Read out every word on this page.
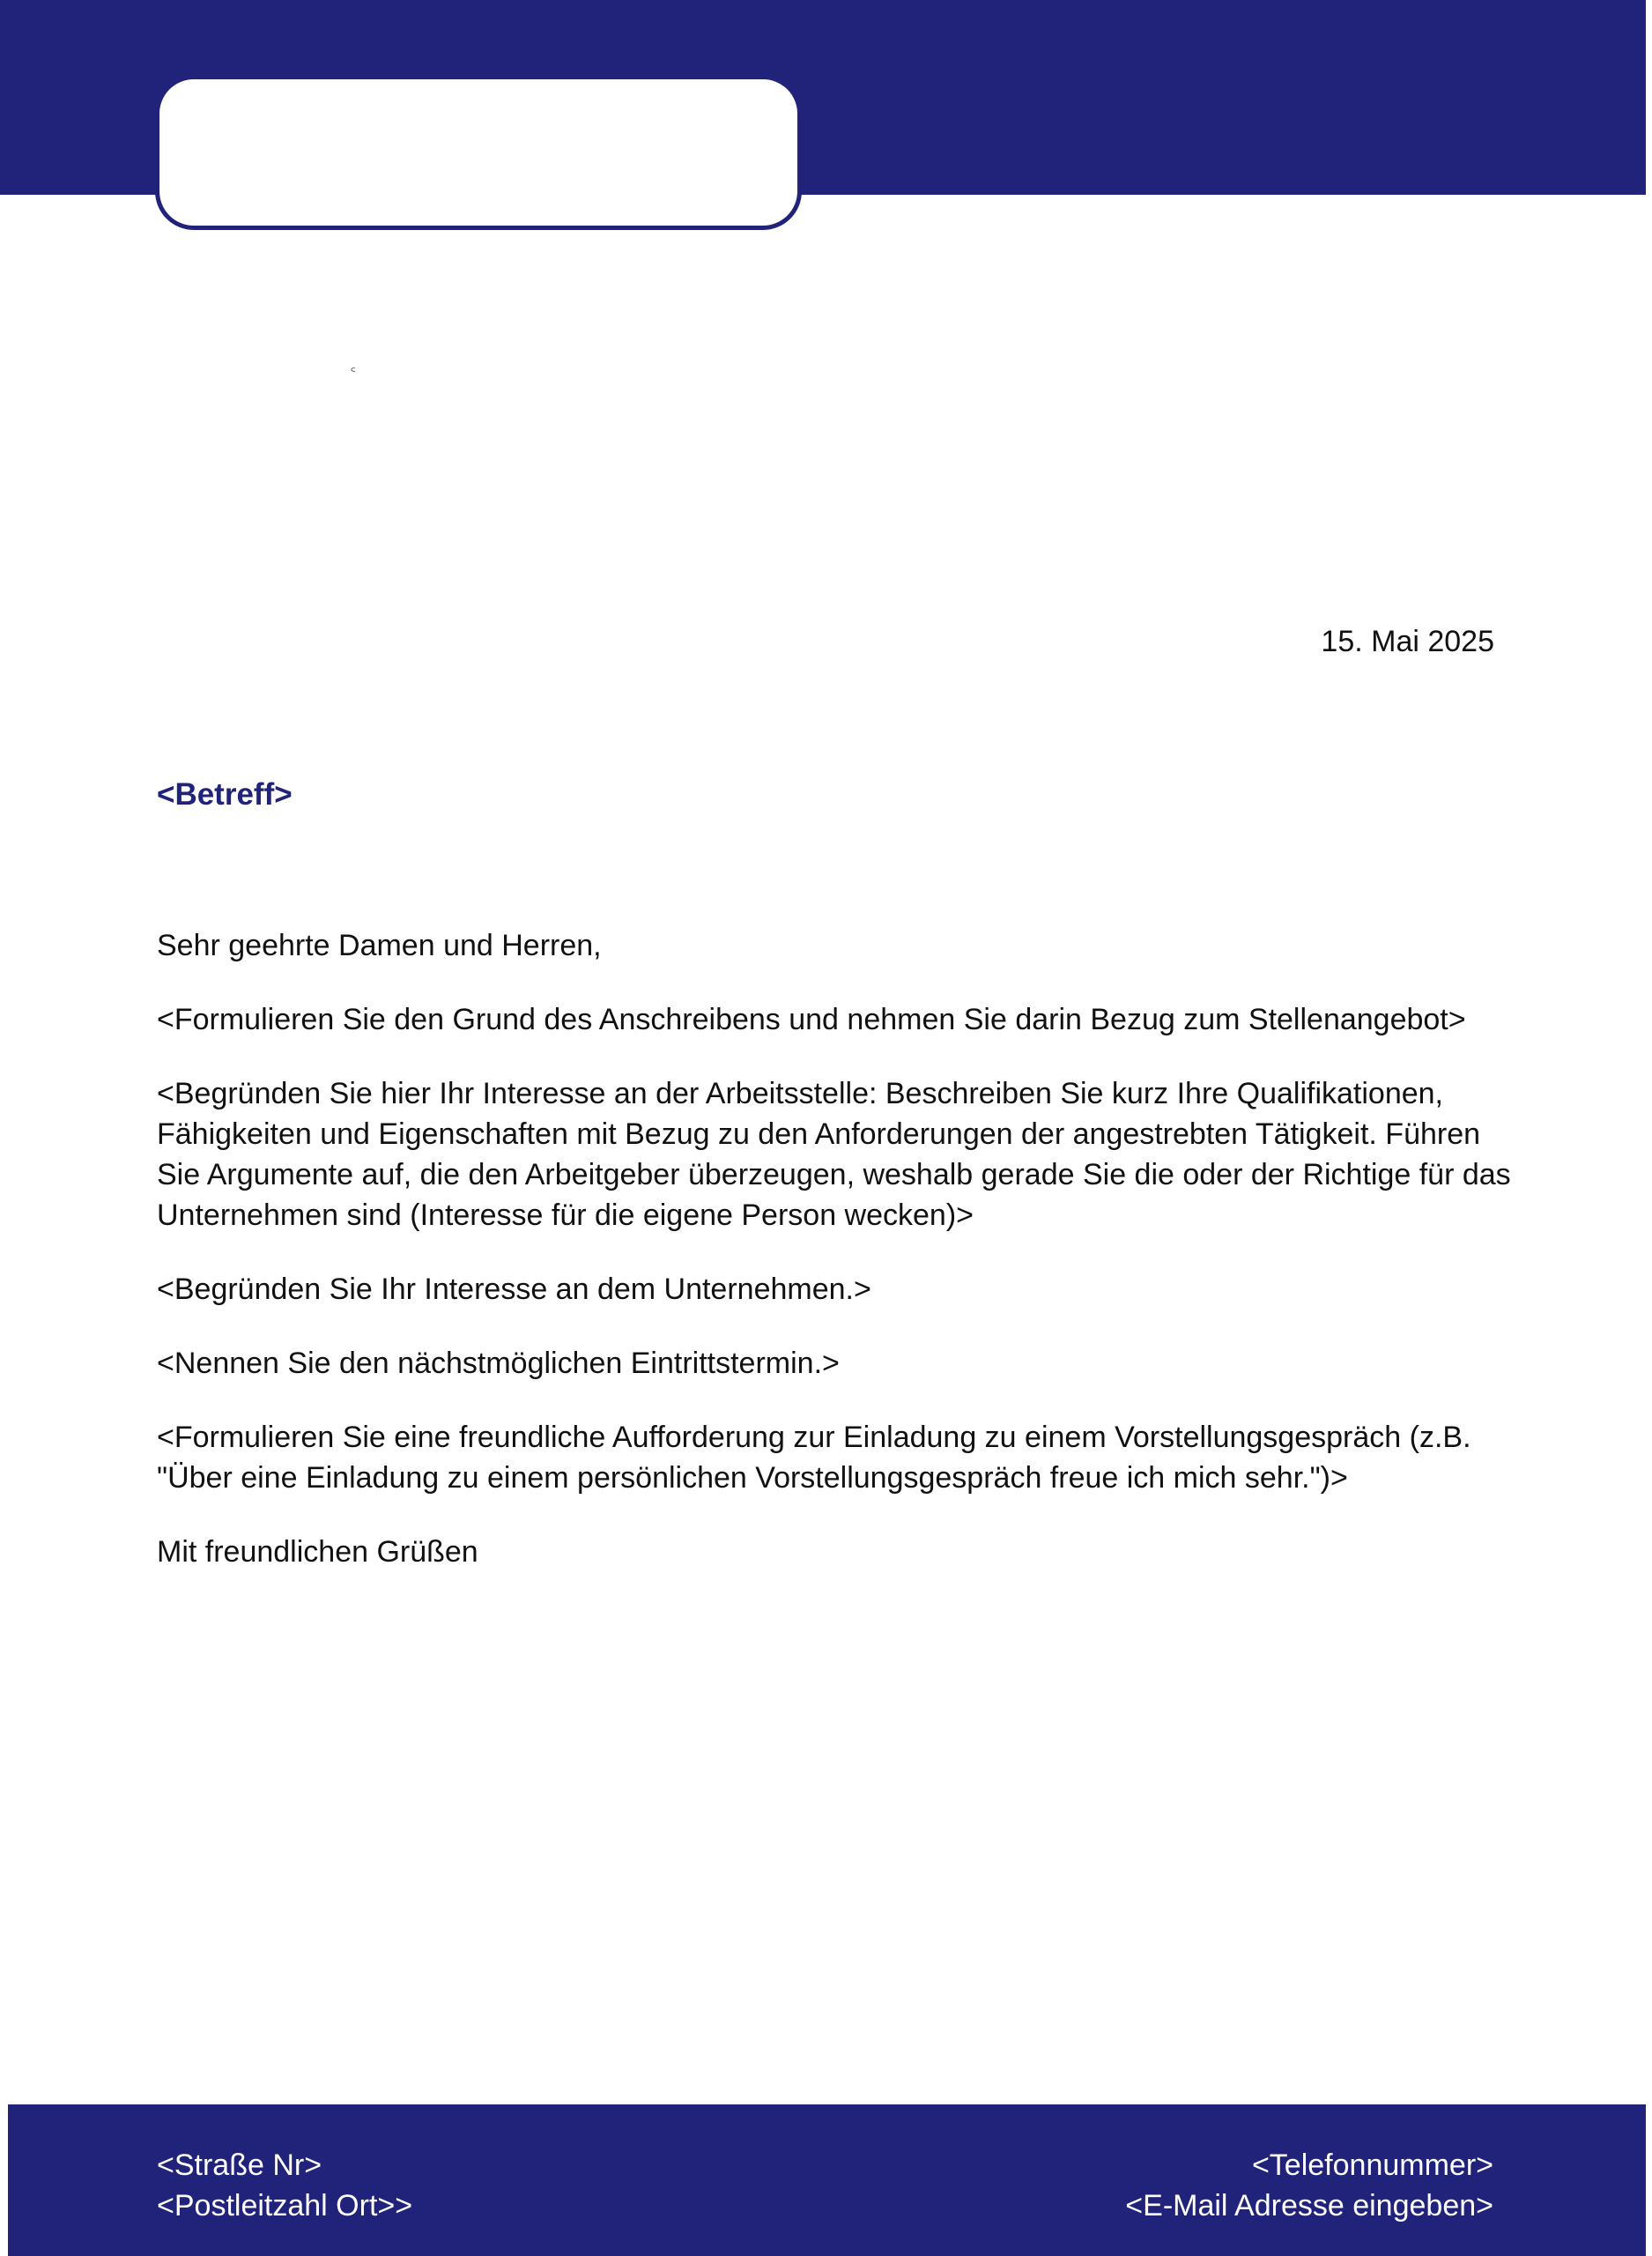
꜀
15. Mai 2025
<Betreff>

Sehr geehrte Damen und Herren,

<Formulieren Sie den Grund des Anschreibens und nehmen Sie darin Bezug zum Stellenangebot>

<Begründen Sie hier Ihr Interesse an der Arbeitsstelle: Beschreiben Sie kurz Ihre Qualifikationen, Fähigkeiten und Eigenschaften mit Bezug zu den Anforderungen der angestrebten Tätigkeit. Führen Sie Argumente auf, die den Arbeitgeber überzeugen, weshalb gerade Sie die oder der Richtige für das Unternehmen sind (Interesse für die eigene Person wecken)>

<Begründen Sie Ihr Interesse an dem Unternehmen.>

<Nennen Sie den nächstmöglichen Eintrittstermin.>

<Formulieren Sie eine freundliche Aufforderung zur Einladung zu einem Vorstellungsgespräch (z.B. "Über eine Einladung zu einem persönlichen Vorstellungsgespräch freue ich mich sehr.")>

Mit freundlichen Grüßen

<Straße Nr>
<Postleitzahl Ort>>
<Telefonnummer>
<E-Mail Adresse eingeben>
